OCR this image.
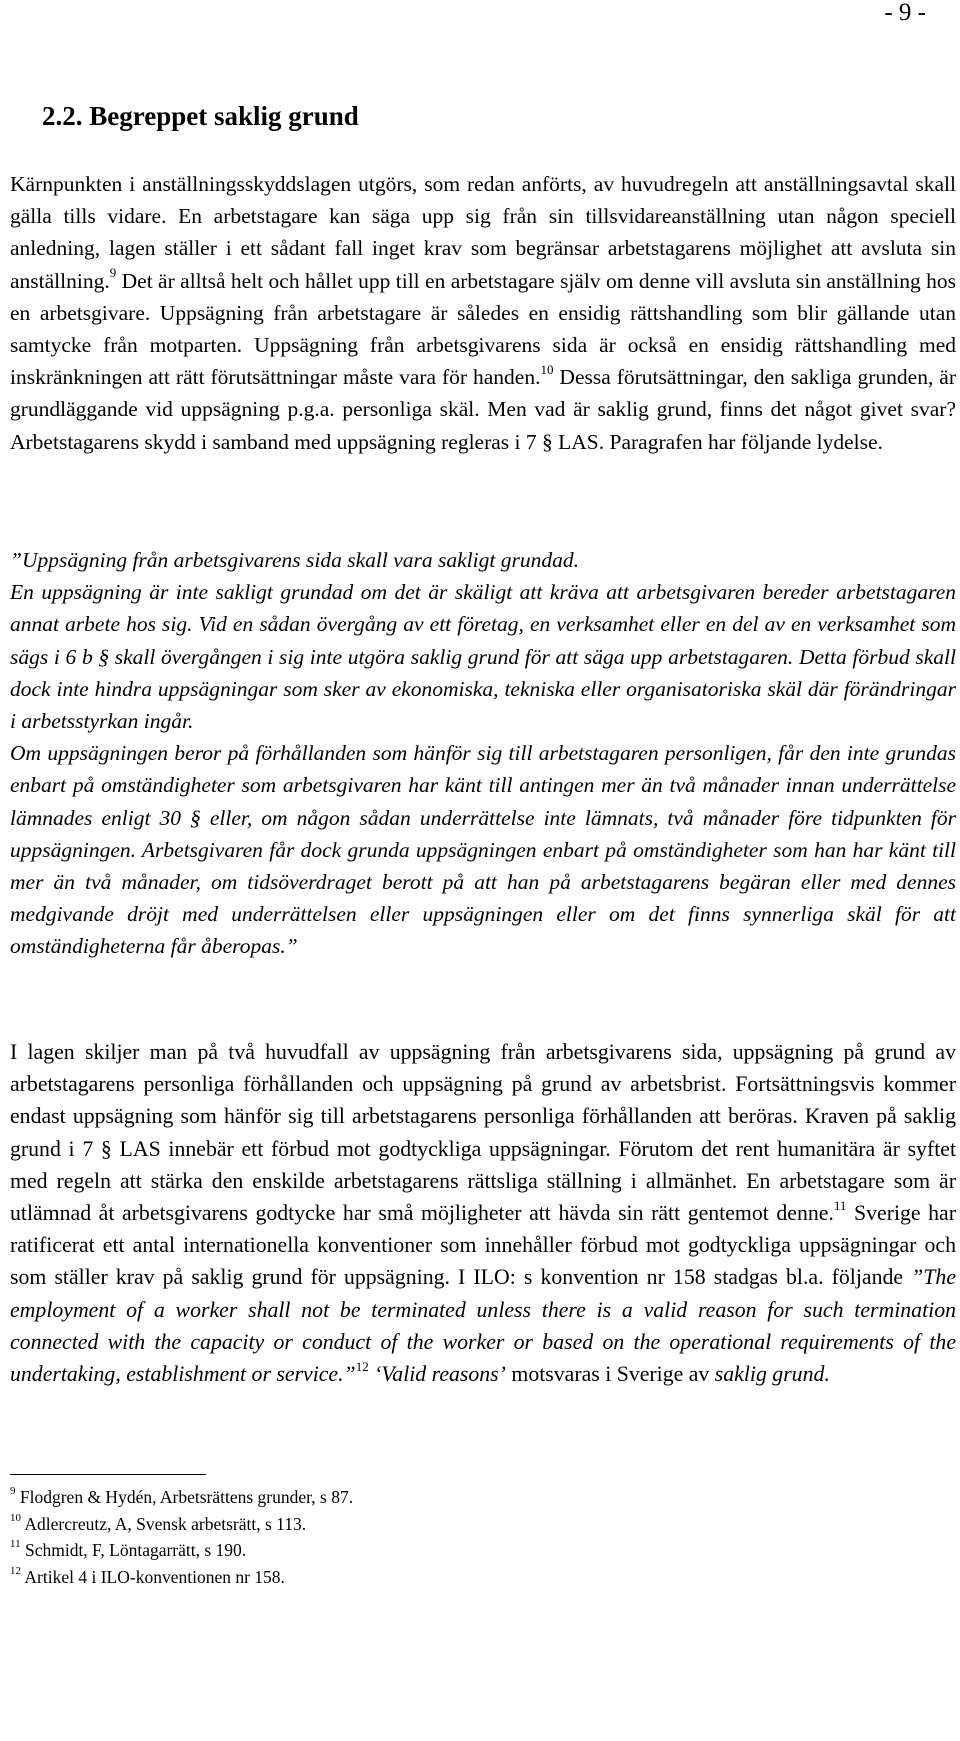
- 9 -
2.2. Begreppet saklig grund

Kärnpunkten i anställningsskyddslagen utgörs, som redan anförts, av huvudregeln att anställningsavtal skall gälla tills vidare. En arbetstagare kan säga upp sig från sin tillsvidareanställning utan någon speciell anledning, lagen ställer i ett sådant fall inget krav som begränsar arbetstagarens möjlighet att avsluta sin anställning.$^9$ Det är alltså helt och hållet upp till en arbetstagare själv om denne vill avsluta sin anställning hos en arbetsgivare. Uppsägning från arbetstagare är således en ensidig rättshandling som blir gällande utan samtycke från motparten. Uppsägning från arbetsgivarens sida är också en ensidig rättshandling med inskränkningen att rätt förutsättningar måste vara för handen.$^{10}$ Dessa förutsättningar, den sakliga grunden, är grundläggande vid uppsägning p.g.a. personliga skäl. Men vad är saklig grund, finns det något givet svar? Arbetstagarens skydd i samband med uppsägning regleras i 7 § LAS. Paragrafen har följande lydelse.

”Uppsägning från arbetsgivarens sida skall vara sakligt grundad.
En uppsägning är inte sakligt grundad om det är skäligt att kräva att arbetsgivaren bereder arbetstagaren annat arbete hos sig. Vid en sådan övergång av ett företag, en verksamhet eller en del av en verksamhet som sägs i 6 b § skall övergången i sig inte utgöra saklig grund för att säga upp arbetstagaren. Detta förbud skall dock inte hindra uppsägningar som sker av ekonomiska, tekniska eller organisatoriska skäl där förändringar i arbetsstyrkan ingår.
Om uppsägningen beror på förhållanden som hänför sig till arbetstagaren personligen, får den inte grundas enbart på omständigheter som arbetsgivaren har känt till antingen mer än två månader innan underrättelse lämnades enligt 30 § eller, om någon sådan underrättelse inte lämnats, två månader före tidpunkten för uppsägningen. Arbetsgivaren får dock grunda uppsägningen enbart på omständigheter som han har känt till mer än två månader, om tidsöverdraget berott på att han på arbetstagarens begäran eller med dennes medgivande dröjt med underrättelsen eller uppsägningen eller om det finns synnerliga skäl för att omständigheterna får åberopas.”

I lagen skiljer man på två huvudfall av uppsägning från arbetsgivarens sida, uppsägning på grund av arbetstagarens personliga förhållanden och uppsägning på grund av arbetsbrist. Fortsättningsvis kommer endast uppsägning som hänför sig till arbetstagarens personliga förhållanden att beröras. Kraven på saklig grund i 7 § LAS innebär ett förbud mot godtyckliga uppsägningar. Förutom det rent humanitära är syftet med regeln att stärka den enskilde arbetstagarens rättsliga ställning i allmänhet. En arbetstagare som är utlämnad åt arbetsgivarens godtycke har små möjligheter att hävda sin rätt gentemot denne.$^{11}$ Sverige har ratificerat ett antal internationella konventioner som innehåller förbud mot godtyckliga uppsägningar och som ställer krav på saklig grund för uppsägning. I ILO: s konvention nr 158 stadgas bl.a. följande ”The employment of a worker shall not be terminated unless there is a valid reason for such termination connected with the capacity or conduct of the worker or based on the operational requirements of the undertaking, establishment or service.”$^{12}$ ‘Valid reasons’ motsvaras i Sverige av saklig grund.

$^9$ Flodgren & Hydén, Arbetsrättens grunder, s 87.
$^{10}$ Adlercreutz, A, Svensk arbetsrätt, s 113.
$^{11}$ Schmidt, F, Löntagarrätt, s 190.
$^{12}$ Artikel 4 i ILO-konventionen nr 158.
